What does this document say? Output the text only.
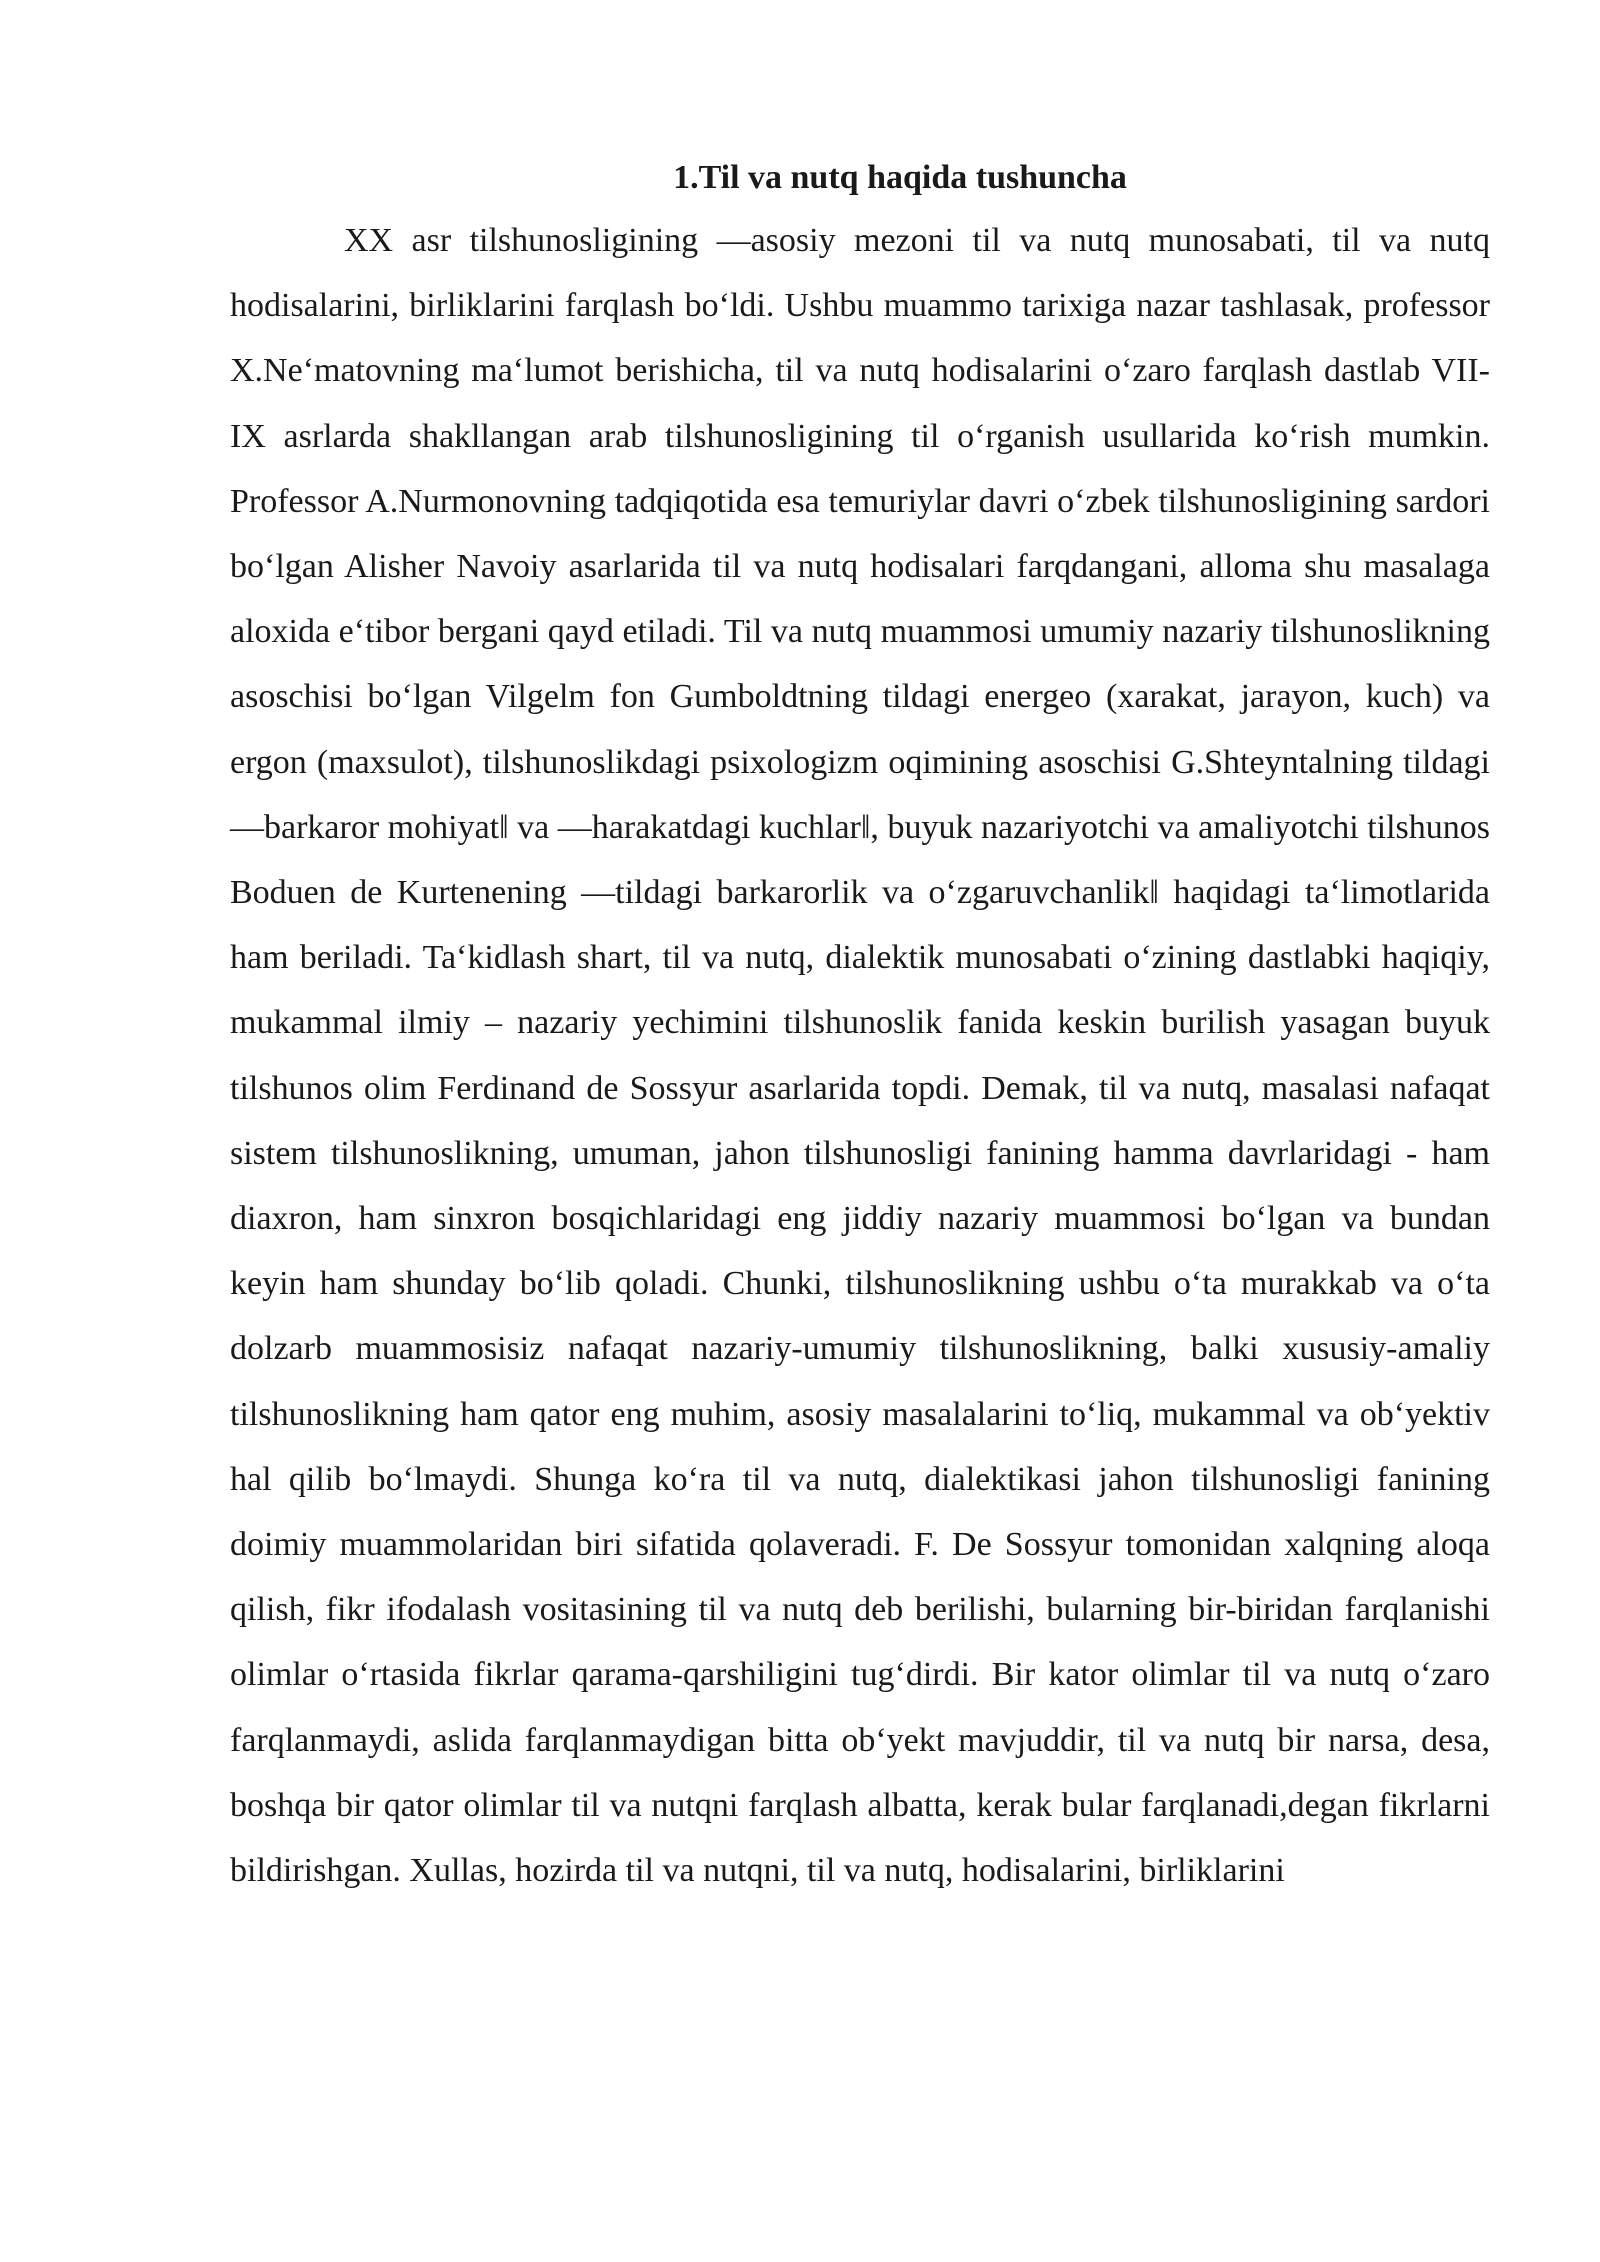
1.Til va nutq haqida tushuncha

XX asr tilshunosligining ―asosiy mezoni til va nutq munosabati, til va nutq hodisalarini, birliklarini farqlash bo‘ldi. Ushbu muammo tarixiga nazar tashlasak, professor X.Ne‘matovning ma‘lumot berishicha, til va nutq hodisalarini o‘zaro farqlash dastlab VII-IX asrlarda shakllangan arab tilshunosligining til o‘rganish usullarida ko‘rish mumkin. Professor A.Nurmonovning tadqiqotida esa temuriylar davri o‘zbek tilshunosligining sardori bo‘lgan Alisher Navoiy asarlarida til va nutq hodisalari farqdangani, alloma shu masalaga aloxida e‘tibor bergani qayd etiladi. Til va nutq muammosi umumiy nazariy tilshunoslikning asoschisi bo‘lgan Vilgelm fon Gumboldtning tildagi energeo (xarakat, jarayon, kuch) va ergon (maxsulot), tilshunoslikdagi psixologizm oqimining asoschisi G.Shteyntalning tildagi ―barkaror mohiyat‖ va ―harakatdagi kuchlar‖, buyuk nazariyotchi va amaliyotchi tilshunos Boduen de Kurtenening ―tildagi barkarorlik va o‘zgaruvchanlik‖ haqidagi ta‘limotlarida ham beriladi. Ta‘kidlash shart, til va nutq, dialektik munosabati o‘zining dastlabki haqiqiy, mukammal ilmiy – nazariy yechimini tilshunoslik fanida keskin burilish yasagan buyuk tilshunos olim Ferdinand de Sossyur asarlarida topdi. Demak, til va nutq, masalasi nafaqat sistem tilshunoslikning, umuman, jahon tilshunosligi fanining hamma davrlaridagi - ham diaxron, ham sinxron bosqichlaridagi eng jiddiy nazariy muammosi bo‘lgan va bundan keyin ham shunday bo‘lib qoladi. Chunki, tilshunoslikning ushbu o‘ta murakkab va o‘ta dolzarb muammosisiz nafaqat nazariy-umumiy tilshunoslikning, balki xususiy-amaliy tilshunoslikning ham qator eng muhim, asosiy masalalarini to‘liq, mukammal va ob‘yektiv hal qilib bo‘lmaydi. Shunga ko‘ra til va nutq, dialektikasi jahon tilshunosligi fanining doimiy muammolaridan biri sifatida qolaveradi. F. De Sossyur tomonidan xalqning aloqa qilish, fikr ifodalash vositasining til va nutq deb berilishi, bularning bir-biridan farqlanishi olimlar o‘rtasida fikrlar qarama-qarshiligini tug‘dirdi. Bir kator olimlar til va nutq o‘zaro farqlanmaydi, aslida farqlanmaydigan bitta ob‘yekt mavjuddir, til va nutq bir narsa, desa, boshqa bir qator olimlar til va nutqni farqlash albatta, kerak bular farqlanadi,degan fikrlarni bildirishgan. Xullas, hozirda til va nutqni, til va nutq, hodisalarini, birliklarini
